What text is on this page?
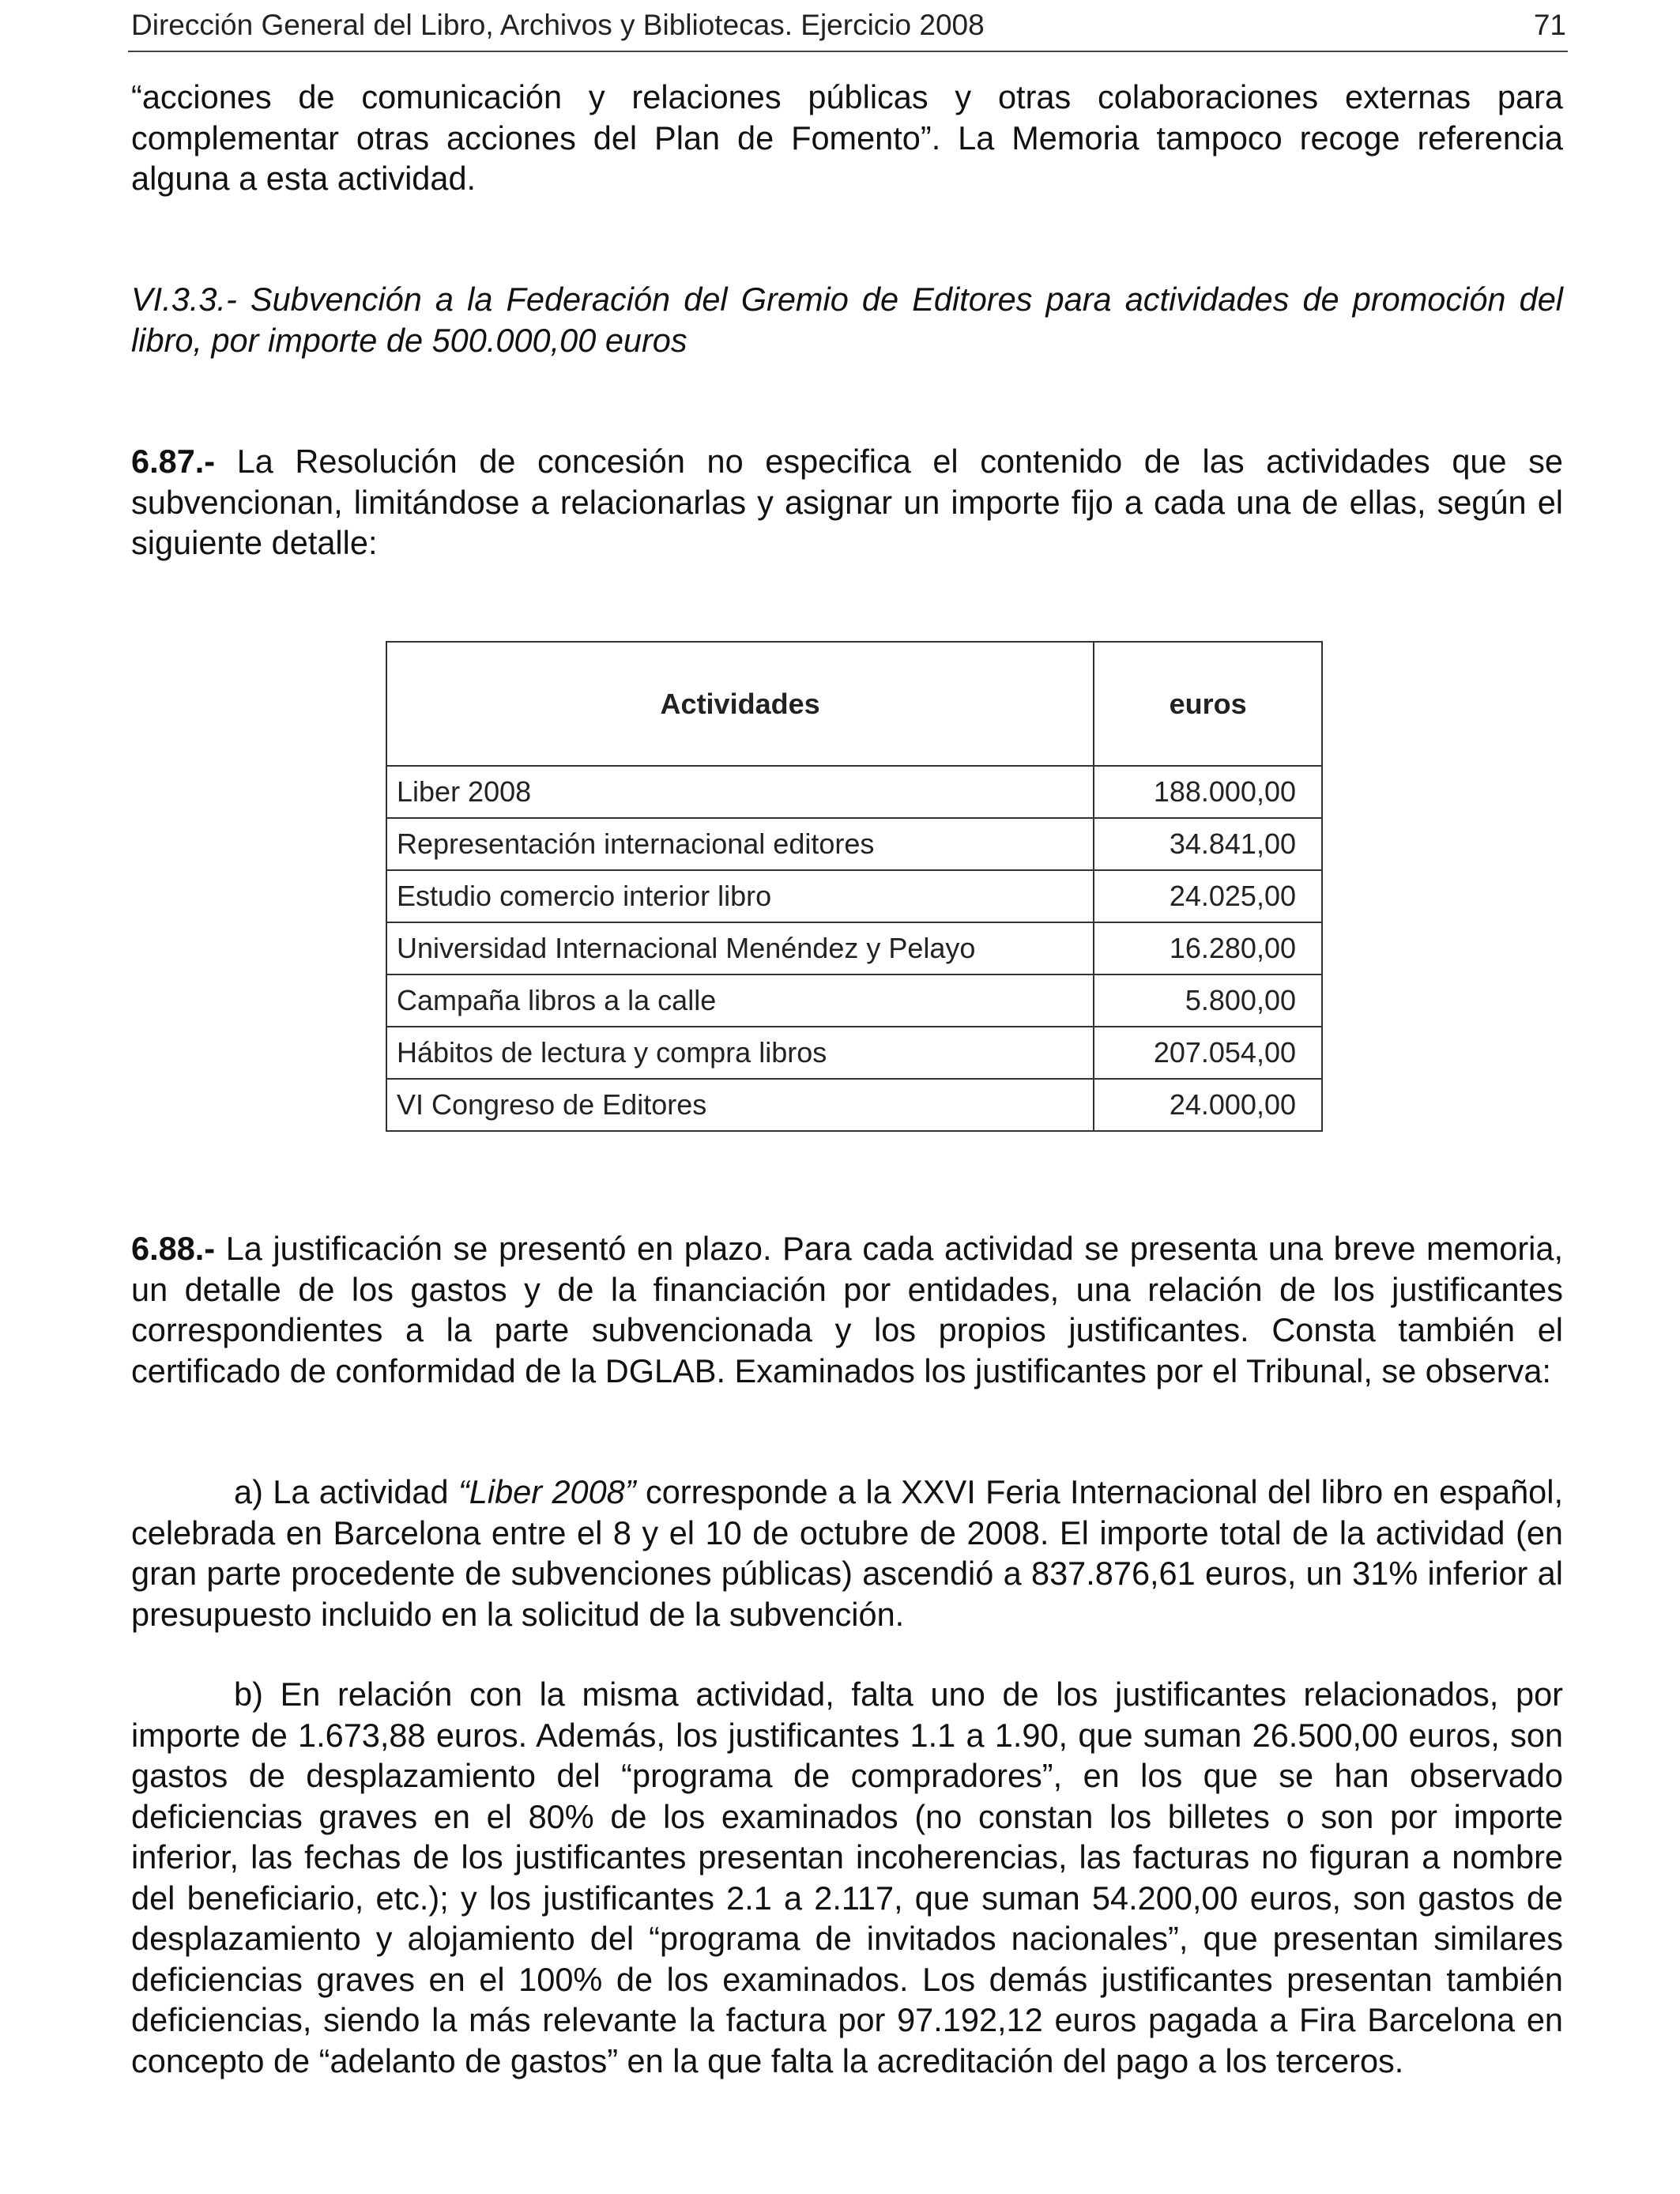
Dirección General del Libro, Archivos y Bibliotecas. Ejercicio 2008	71

“acciones de comunicación y relaciones públicas y otras colaboraciones externas para complementar otras acciones del Plan de Fomento”. La Memoria tampoco recoge referencia alguna a esta actividad.

VI.3.3.- Subvención a la Federación del Gremio de Editores para actividades de promoción del libro, por importe de 500.000,00 euros

6.87.- La Resolución de concesión no especifica el contenido de las actividades que se subvencionan, limitándose a relacionarlas y asignar un importe fijo a cada una de ellas, según el siguiente detalle:

Actividades	euros
Liber 2008	188.000,00
Representación internacional editores	34.841,00
Estudio comercio interior libro	24.025,00
Universidad Internacional Menéndez y Pelayo	16.280,00
Campaña libros a la calle	5.800,00
Hábitos de lectura y compra libros	207.054,00
VI Congreso de Editores	24.000,00

6.88.- La justificación se presentó en plazo. Para cada actividad se presenta una breve memoria, un detalle de los gastos y de la financiación por entidades, una relación de los justificantes correspondientes a la parte subvencionada y los propios justificantes. Consta también el certificado de conformidad de la DGLAB. Examinados los justificantes por el Tribunal, se observa:

a) La actividad “Liber 2008” corresponde a la XXVI Feria Internacional del libro en español, celebrada en Barcelona entre el 8 y el 10 de octubre de 2008. El importe total de la actividad (en gran parte procedente de subvenciones públicas) ascendió a 837.876,61 euros, un 31% inferior al presupuesto incluido en la solicitud de la subvención.

b) En relación con la misma actividad, falta uno de los justificantes relacionados, por importe de 1.673,88 euros. Además, los justificantes 1.1 a 1.90, que suman 26.500,00 euros, son gastos de desplazamiento del “programa de compradores”, en los que se han observado deficiencias graves en el 80% de los examinados (no constan los billetes o son por importe inferior, las fechas de los justificantes presentan incoherencias, las facturas no figuran a nombre del beneficiario, etc.); y los justificantes 2.1 a 2.117, que suman 54.200,00 euros, son gastos de desplazamiento y alojamiento del “programa de invitados nacionales”, que presentan similares deficiencias graves en el 100% de los examinados. Los demás justificantes presentan también deficiencias, siendo la más relevante la factura por 97.192,12 euros pagada a Fira Barcelona en concepto de “adelanto de gastos” en la que falta la acreditación del pago a los terceros.
